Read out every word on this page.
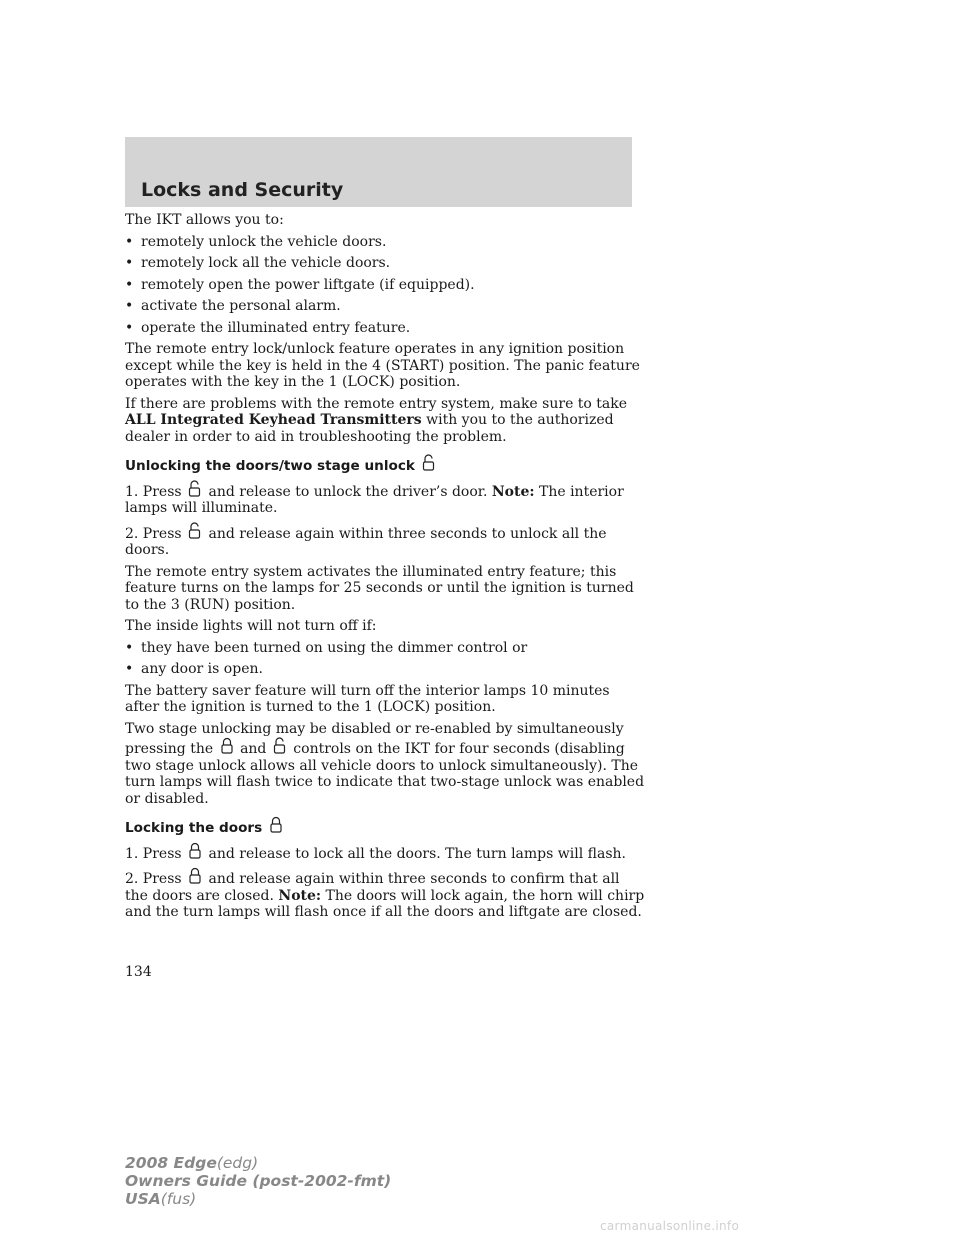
Locks and Security

The IKT allows you to:

• remotely unlock the vehicle doors.
• remotely lock all the vehicle doors.
• remotely open the power liftgate (if equipped).
• activate the personal alarm.
• operate the illuminated entry feature.

The remote entry lock/unlock feature operates in any ignition position except while the key is held in the 4 (START) position. The panic feature operates with the key in the 1 (LOCK) position.

If there are problems with the remote entry system, make sure to take ALL Integrated Keyhead Transmitters with you to the authorized dealer in order to aid in troubleshooting the problem.

Unlocking the doors/two stage unlock

1. Press and release to unlock the driver’s door. Note: The interior lamps will illuminate.

2. Press and release again within three seconds to unlock all the doors.

The remote entry system activates the illuminated entry feature; this feature turns on the lamps for 25 seconds or until the ignition is turned to the 3 (RUN) position.

The inside lights will not turn off if:

• they have been turned on using the dimmer control or
• any door is open.

The battery saver feature will turn off the interior lamps 10 minutes after the ignition is turned to the 1 (LOCK) position.

Two stage unlocking may be disabled or re-enabled by simultaneously pressing the and controls on the IKT for four seconds (disabling two stage unlock allows all vehicle doors to unlock simultaneously). The turn lamps will flash twice to indicate that two-stage unlock was enabled or disabled.

Locking the doors

1. Press and release to lock all the doors. The turn lamps will flash.

2. Press and release again within three seconds to confirm that all the doors are closed. Note: The doors will lock again, the horn will chirp and the turn lamps will flash once if all the doors and liftgate are closed.

134
2008 Edge(edg)
Owners Guide (post-2002-fmt)
USA(fus)
carmanualsonline.info
